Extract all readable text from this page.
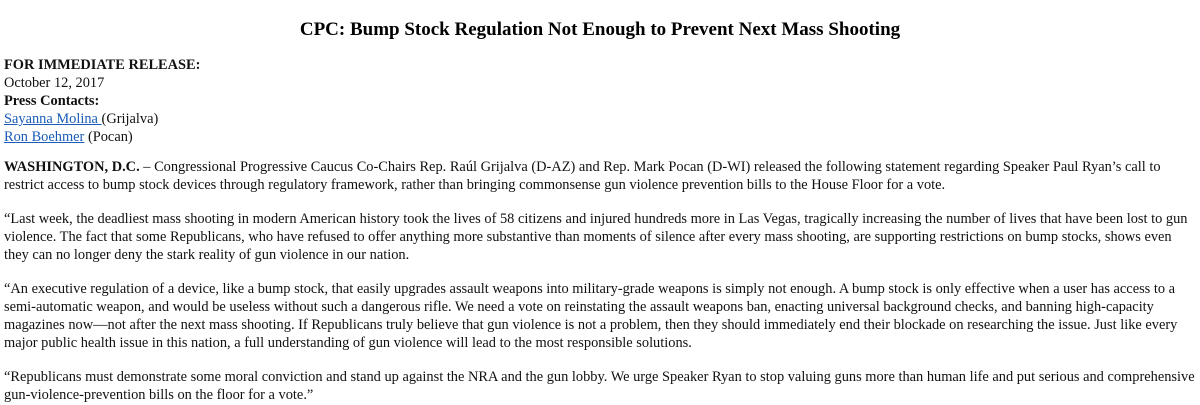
CPC: Bump Stock Regulation Not Enough to Prevent Next Mass Shooting
FOR IMMEDIATE RELEASE:
October 12, 2017
Press Contacts:
Sayanna Molina (Grijalva)
Ron Boehmer (Pocan)

WASHINGTON, D.C. – Congressional Progressive Caucus Co-Chairs Rep. Raúl Grijalva (D-AZ) and Rep. Mark Pocan (D-WI) released the following statement regarding Speaker Paul Ryan’s call to restrict access to bump stock devices through regulatory framework, rather than bringing commonsense gun violence prevention bills to the House Floor for a vote.

“Last week, the deadliest mass shooting in modern American history took the lives of 58 citizens and injured hundreds more in Las Vegas, tragically increasing the number of lives that have been lost to gun violence. The fact that some Republicans, who have refused to offer anything more substantive than moments of silence after every mass shooting, are supporting restrictions on bump stocks, shows even they can no longer deny the stark reality of gun violence in our nation.

“An executive regulation of a device, like a bump stock, that easily upgrades assault weapons into military-grade weapons is simply not enough. A bump stock is only effective when a user has access to a semi-automatic weapon, and would be useless without such a dangerous rifle. We need a vote on reinstating the assault weapons ban, enacting universal background checks, and banning high-capacity magazines now—not after the next mass shooting. If Republicans truly believe that gun violence is not a problem, then they should immediately end their blockade on researching the issue. Just like every major public health issue in this nation, a full understanding of gun violence will lead to the most responsible solutions.

“Republicans must demonstrate some moral conviction and stand up against the NRA and the gun lobby. We urge Speaker Ryan to stop valuing guns more than human life and put serious and comprehensive gun-violence-prevention bills on the floor for a vote.”
